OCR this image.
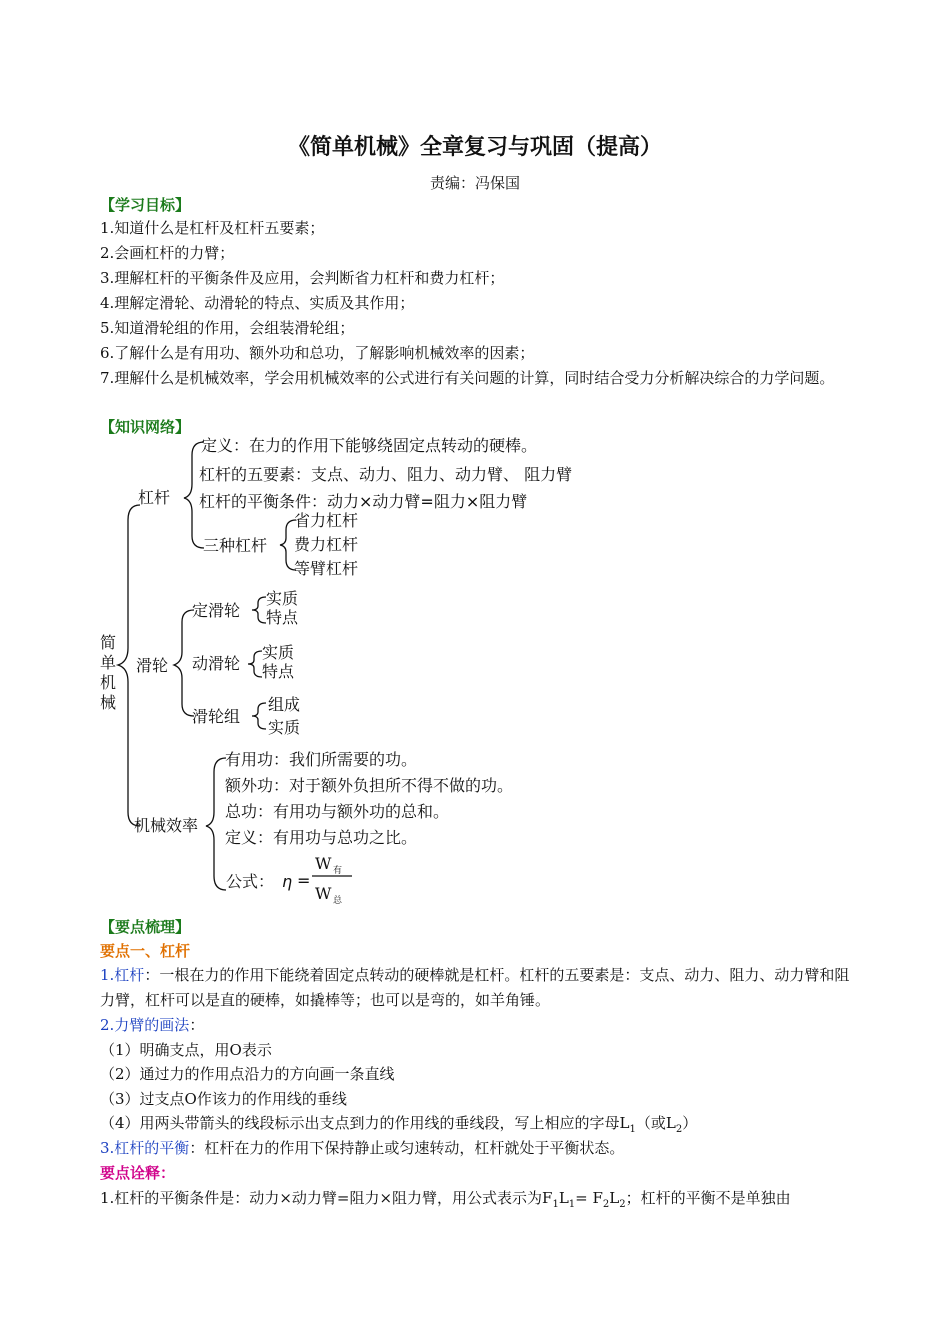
《简单机械》全章复习与巩固（提高）
责编：冯保国
【学习目标】
1.知道什么是杠杆及杠杆五要素；
2.会画杠杆的力臂；
3.理解杠杆的平衡条件及应用，会判断省力杠杆和费力杠杆；
4.理解定滑轮、动滑轮的特点、实质及其作用；
5.知道滑轮组的作用，会组装滑轮组；
6.了解什么是有用功、额外功和总功，了解影响机械效率的因素；
7.理解什么是机械效率，学会用机械效率的公式进行有关问题的计算，同时结合受力分析解决综合的力学问题。
【知识网络】
简
单
机
械
杠杆
定义：在力的作用下能够绕固定点转动的硬棒。
杠杆的五要素：支点、动力、阻力、动力臂、 阻力臂
杠杆的平衡条件：动力×动力臂=阻力×阻力臂
三种杠杆
省力杠杆
费力杠杆
等臂杠杆
滑轮
定滑轮
实质
特点
动滑轮
实质
特点
滑轮组
组成
实质
机械效率
有用功：我们所需要的功。
额外功：对于额外负担所不得不做的功。
总功：有用功与额外功的总和。
定义：有用功与总功之比。
公式： η =
W 有
W 总
【要点梳理】
要点一、杠杆
1.杠杆：一根在力的作用下能绕着固定点转动的硬棒就是杠杆。杠杆的五要素是：支点、动力、阻力、动力臂和阻力臂，杠杆可以是直的硬棒，如撬棒等；也可以是弯的，如羊角锤。
2.力臂的画法：
（1）明确支点，用O表示
（2）通过力的作用点沿力的方向画一条直线
（3）过支点O作该力的作用线的垂线
（4）用两头带箭头的线段标示出支点到力的作用线的垂线段，写上相应的字母$L_1$（或$L_2$）
3.杠杆的平衡：杠杆在力的作用下保持静止或匀速转动，杠杆就处于平衡状态。
要点诠释：
1.杠杆的平衡条件是：动力×动力臂=阻力×阻力臂，用公式表示为$F_1L_1= F_2L_2$；杠杆的平衡不是单独由
